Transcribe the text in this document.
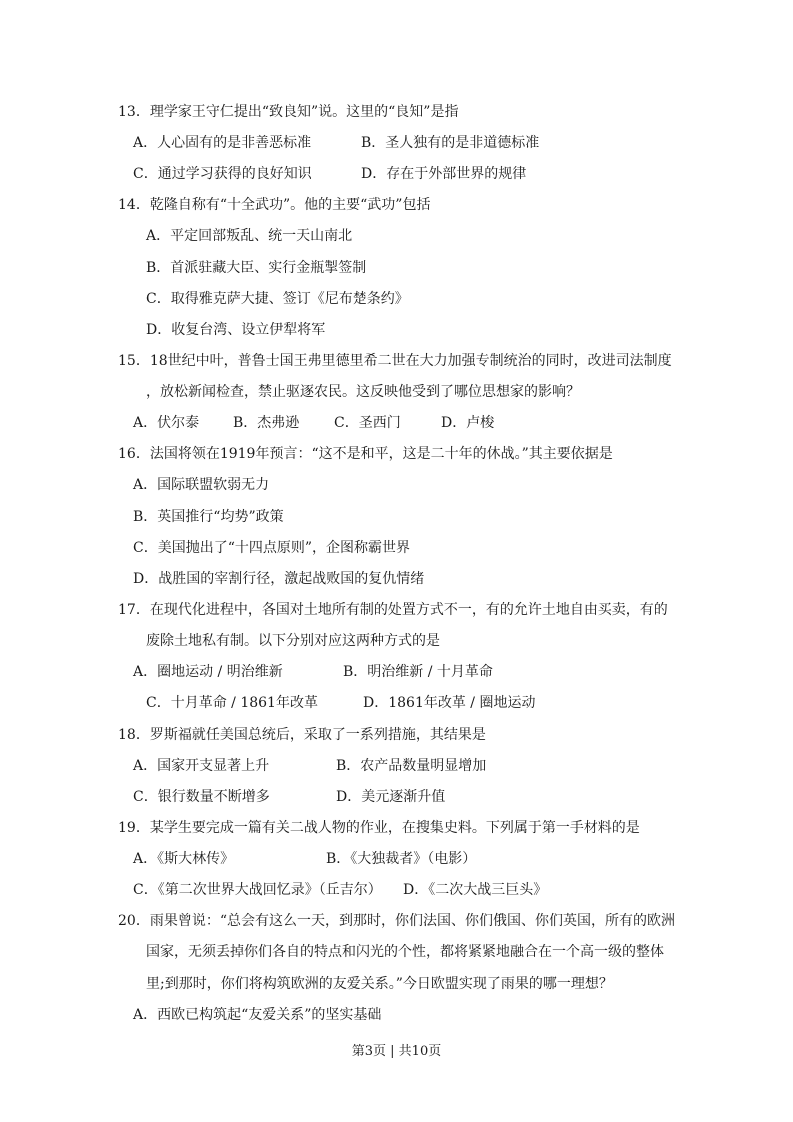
13．理学家王守仁提出“致良知”说。这里的“良知”是指
A．人心固有的是非善恶标准	B．圣人独有的是非道德标准
C．通过学习获得的良好知识	D．存在于外部世界的规律
14．乾隆自称有“十全武功”。他的主要“武功”包括
A．平定回部叛乱、统一天山南北
B．首派驻藏大臣、实行金瓶掣签制
C．取得雅克萨大捷、签订《尼布楚条约》
D．收复台湾、设立伊犁将军
15．18世纪中叶，普鲁士国王弗里德里希二世在大力加强专制统治的同时，改进司法制度
，放松新闻检查，禁止驱逐农民。这反映他受到了哪位思想家的影响？
A．伏尔泰 B．杰弗逊 C．圣西门	D．卢梭
16．法国将领在1919年预言：“这不是和平，这是二十年的休战。”其主要依据是
A．国际联盟软弱无力
B．英国推行“均势”政策
C．美国抛出了“十四点原则”，企图称霸世界
D．战胜国的宰割行径，激起战败国的复仇情绪
17．在现代化进程中，各国对土地所有制的处置方式不一，有的允许土地自由买卖，有的
废除土地私有制。以下分别对应这两种方式的是
A．圈地运动 / 明治维新	B．明治维新 / 十月革命
C．十月革命 / 1861年改革	D．1861年改革 / 圈地运动
18．罗斯福就任美国总统后，采取了一系列措施，其结果是
A．国家开支显著上升	B．农产品数量明显增加
C．银行数量不断增多	D．美元逐渐升值
19．某学生要完成一篇有关二战人物的作业，在搜集史料。下列属于第一手材料的是
A．《斯大林传》	B．《大独裁者》（电影）
C．《第二次世界大战回忆录》（丘吉尔） D．《二次大战三巨头》
20．雨果曾说：“总会有这么一天，到那时，你们法国、你们俄国、你们英国，所有的欧洲
国家，无须丢掉你们各自的特点和闪光的个性，都将紧紧地融合在一个高一级的整体
里;到那时，你们将构筑欧洲的友爱关系。”今日欧盟实现了雨果的哪一理想？
A．西欧已构筑起“友爱关系”的坚实基础
第3页 | 共10页
